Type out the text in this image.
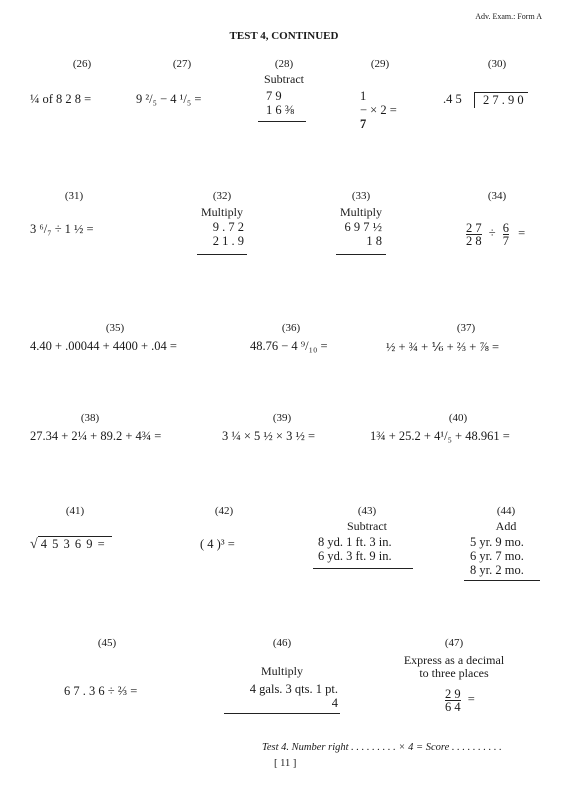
Adv. Exam.: Form A
TEST 4, CONTINUED
(26)
¼ of 8 2 8 =
(27)
9 ²/₅ − 4 ¹/₅ =
(28)
Subtract
7 9
1 6 ⅜
(29)
1
− × 2 =
7
(30)
.4 5	2 7 . 9 0
(31)
3 ⁶/₇ ÷ 1 ½ =
(32)
Multiply
9 . 7 2
2 1 . 9
(33)
Multiply
6 9 7 ½
1 8
(34)
$\frac{2 7}{2 8} \div \frac{6}{7}$ =
(35)
4.40 + .00044 + 4400 + .04 =
(36)
48.76 − 4 ⁹/₁₀ =
(37)
½ + ¾ + ⅙ + ⅔ + ⅞ =
(38)
27.34 + 2¼ + 89.2 + 4¾ =
(39)
3 ¼ × 5 ½ × 3 ½ =
(40)
1¾ + 25.2 + 4¹/₅ + 48.961 =
(41)
√ 4 5 3 6 9 =
(42)
( 4 )³ =
(43)
Subtract
8 yd. 1 ft. 3 in.
6 yd. 3 ft. 9 in.
(44)
Add
5 yr. 9 mo.
6 yr. 7 mo.
8 yr. 2 mo.
(45)
6 7 . 3 6 ÷ ⅔ =
(46)
Multiply
4 gals. 3 qts. 1 pt.
4
(47)
Express as a decimal
to three places
$\frac{2 9}{6 4}$ =
Test 4. Number right . . . . . . . . . × 4 = Score . . . . . . . . . .
[ 11 ]
